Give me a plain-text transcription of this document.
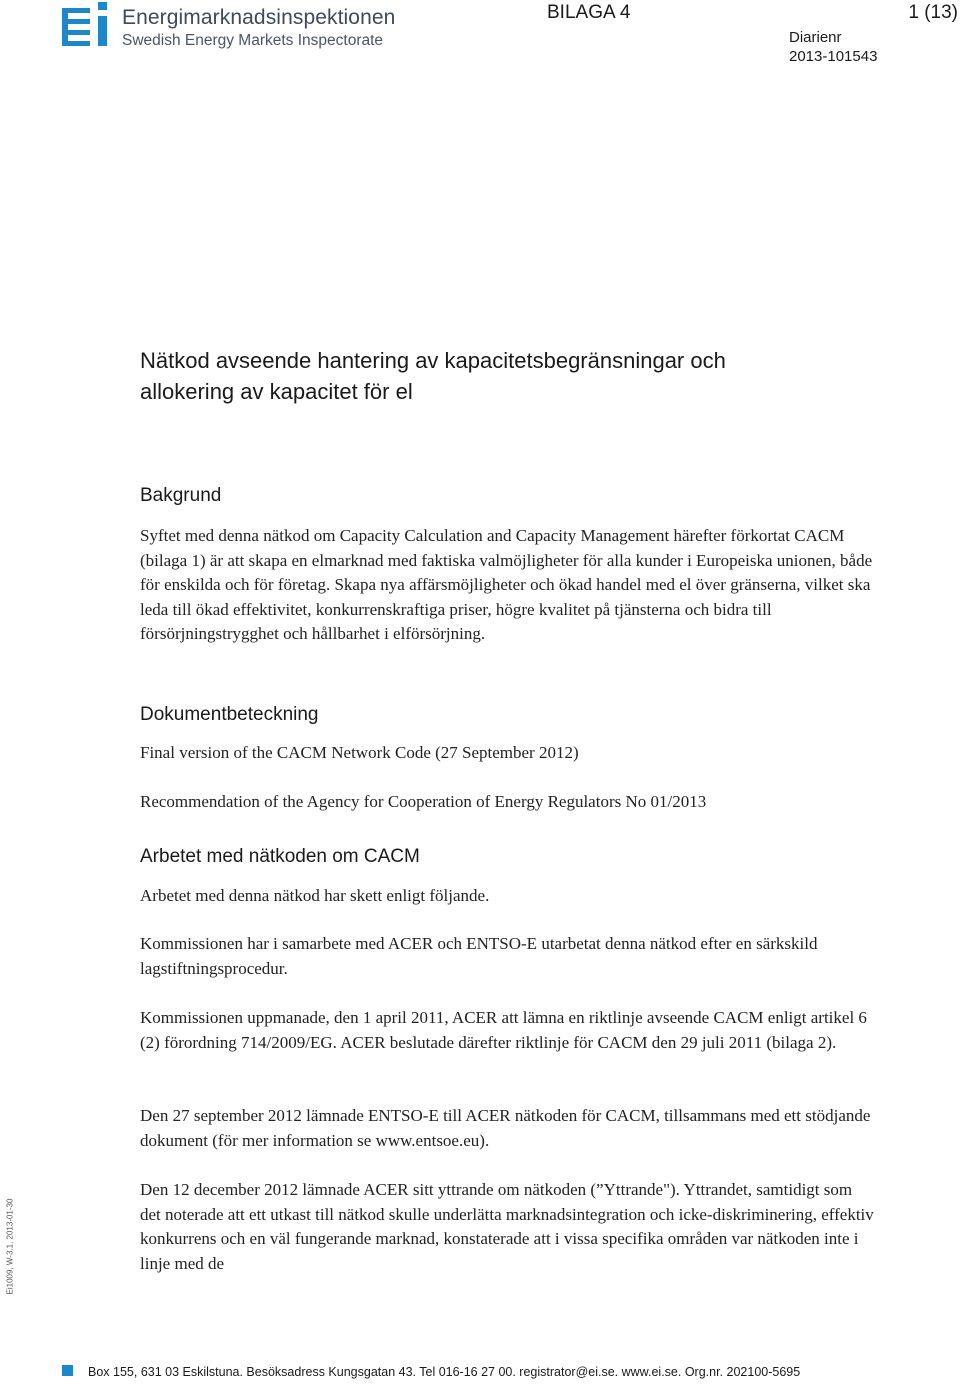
Energimarknadsinspektionen
Swedish Energy Markets Inspectorate
BILAGA 4	1 (13)
Diarienr
2013-101543
Nätkod avseende hantering av kapacitetsbegränsningar och
allokering av kapacitet för el
Bakgrund
Syftet med denna nätkod om Capacity Calculation and Capacity Management härefter förkortat CACM (bilaga 1) är att skapa en elmarknad med faktiska valmöjligheter för alla kunder i Europeiska unionen, både för enskilda och för företag. Skapa nya affärsmöjligheter och ökad handel med el över gränserna, vilket ska leda till ökad effektivitet, konkurrenskraftiga priser, högre kvalitet på tjänsterna och bidra till försörjningstrygghet och hållbarhet i elförsörjning.
Dokumentbeteckning
Final version of the CACM Network Code (27 September 2012)
Recommendation of the Agency for Cooperation of Energy Regulators No 01/2013
Arbetet med nätkoden om CACM
Arbetet med denna nätkod har skett enligt följande.
Kommissionen har i samarbete med ACER och ENTSO-E utarbetat denna nätkod efter en särkskild lagstiftningsprocedur.
Kommissionen uppmanade, den 1 april 2011, ACER att lämna en riktlinje avseende CACM enligt artikel 6 (2) förordning 714/2009/EG. ACER beslutade därefter riktlinje för CACM den 29 juli 2011 (bilaga 2).
Den 27 september 2012 lämnade ENTSO-E till ACER nätkoden för CACM, tillsammans med ett stödjande dokument (för mer information se www.entsoe.eu).
Den 12 december 2012 lämnade ACER sitt yttrande om nätkoden (”Yttrande"). Yttrandet, samtidigt som det noterade att ett utkast till nätkod skulle underlätta marknadsintegration och icke-diskriminering, effektiv konkurrens och en väl fungerande marknad, konstaterade att i vissa specifika områden var nätkoden inte i linje med de
Ei1009, W-3.1, 2013-01-30
Box 155, 631 03 Eskilstuna. Besöksadress Kungsgatan 43. Tel 016-16 27 00. registrator@ei.se. www.ei.se. Org.nr. 202100-5695
